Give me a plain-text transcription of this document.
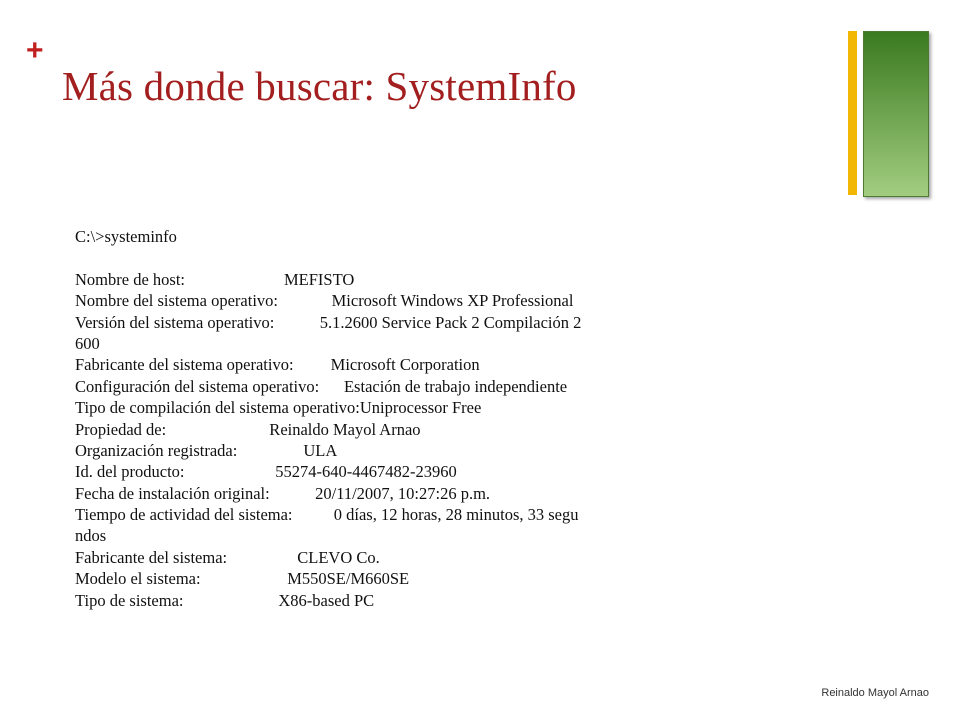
+
Más donde buscar: SystemInfo
C:\>systeminfo
Nombre de host:                        MEFISTO
Nombre del sistema operativo:             Microsoft Windows XP Professional
Versión del sistema operativo:           5.1.2600 Service Pack 2 Compilación 2
600
Fabricante del sistema operativo:         Microsoft Corporation
Configuración del sistema operativo:      Estación de trabajo independiente
Tipo de compilación del sistema operativo:Uniprocessor Free
Propiedad de:                         Reinaldo Mayol Arnao
Organización registrada:                ULA
Id. del producto:                      55274-640-4467482-23960
Fecha de instalación original:           20/11/2007, 10:27:26 p.m.
Tiempo de actividad del sistema:          0 días, 12 horas, 28 minutos, 33 segu
ndos
Fabricante del sistema:                 CLEVO Co.
Modelo el sistema:                     M550SE/M660SE
Tipo de sistema:                       X86-based PC
Reinaldo Mayol Arnao
